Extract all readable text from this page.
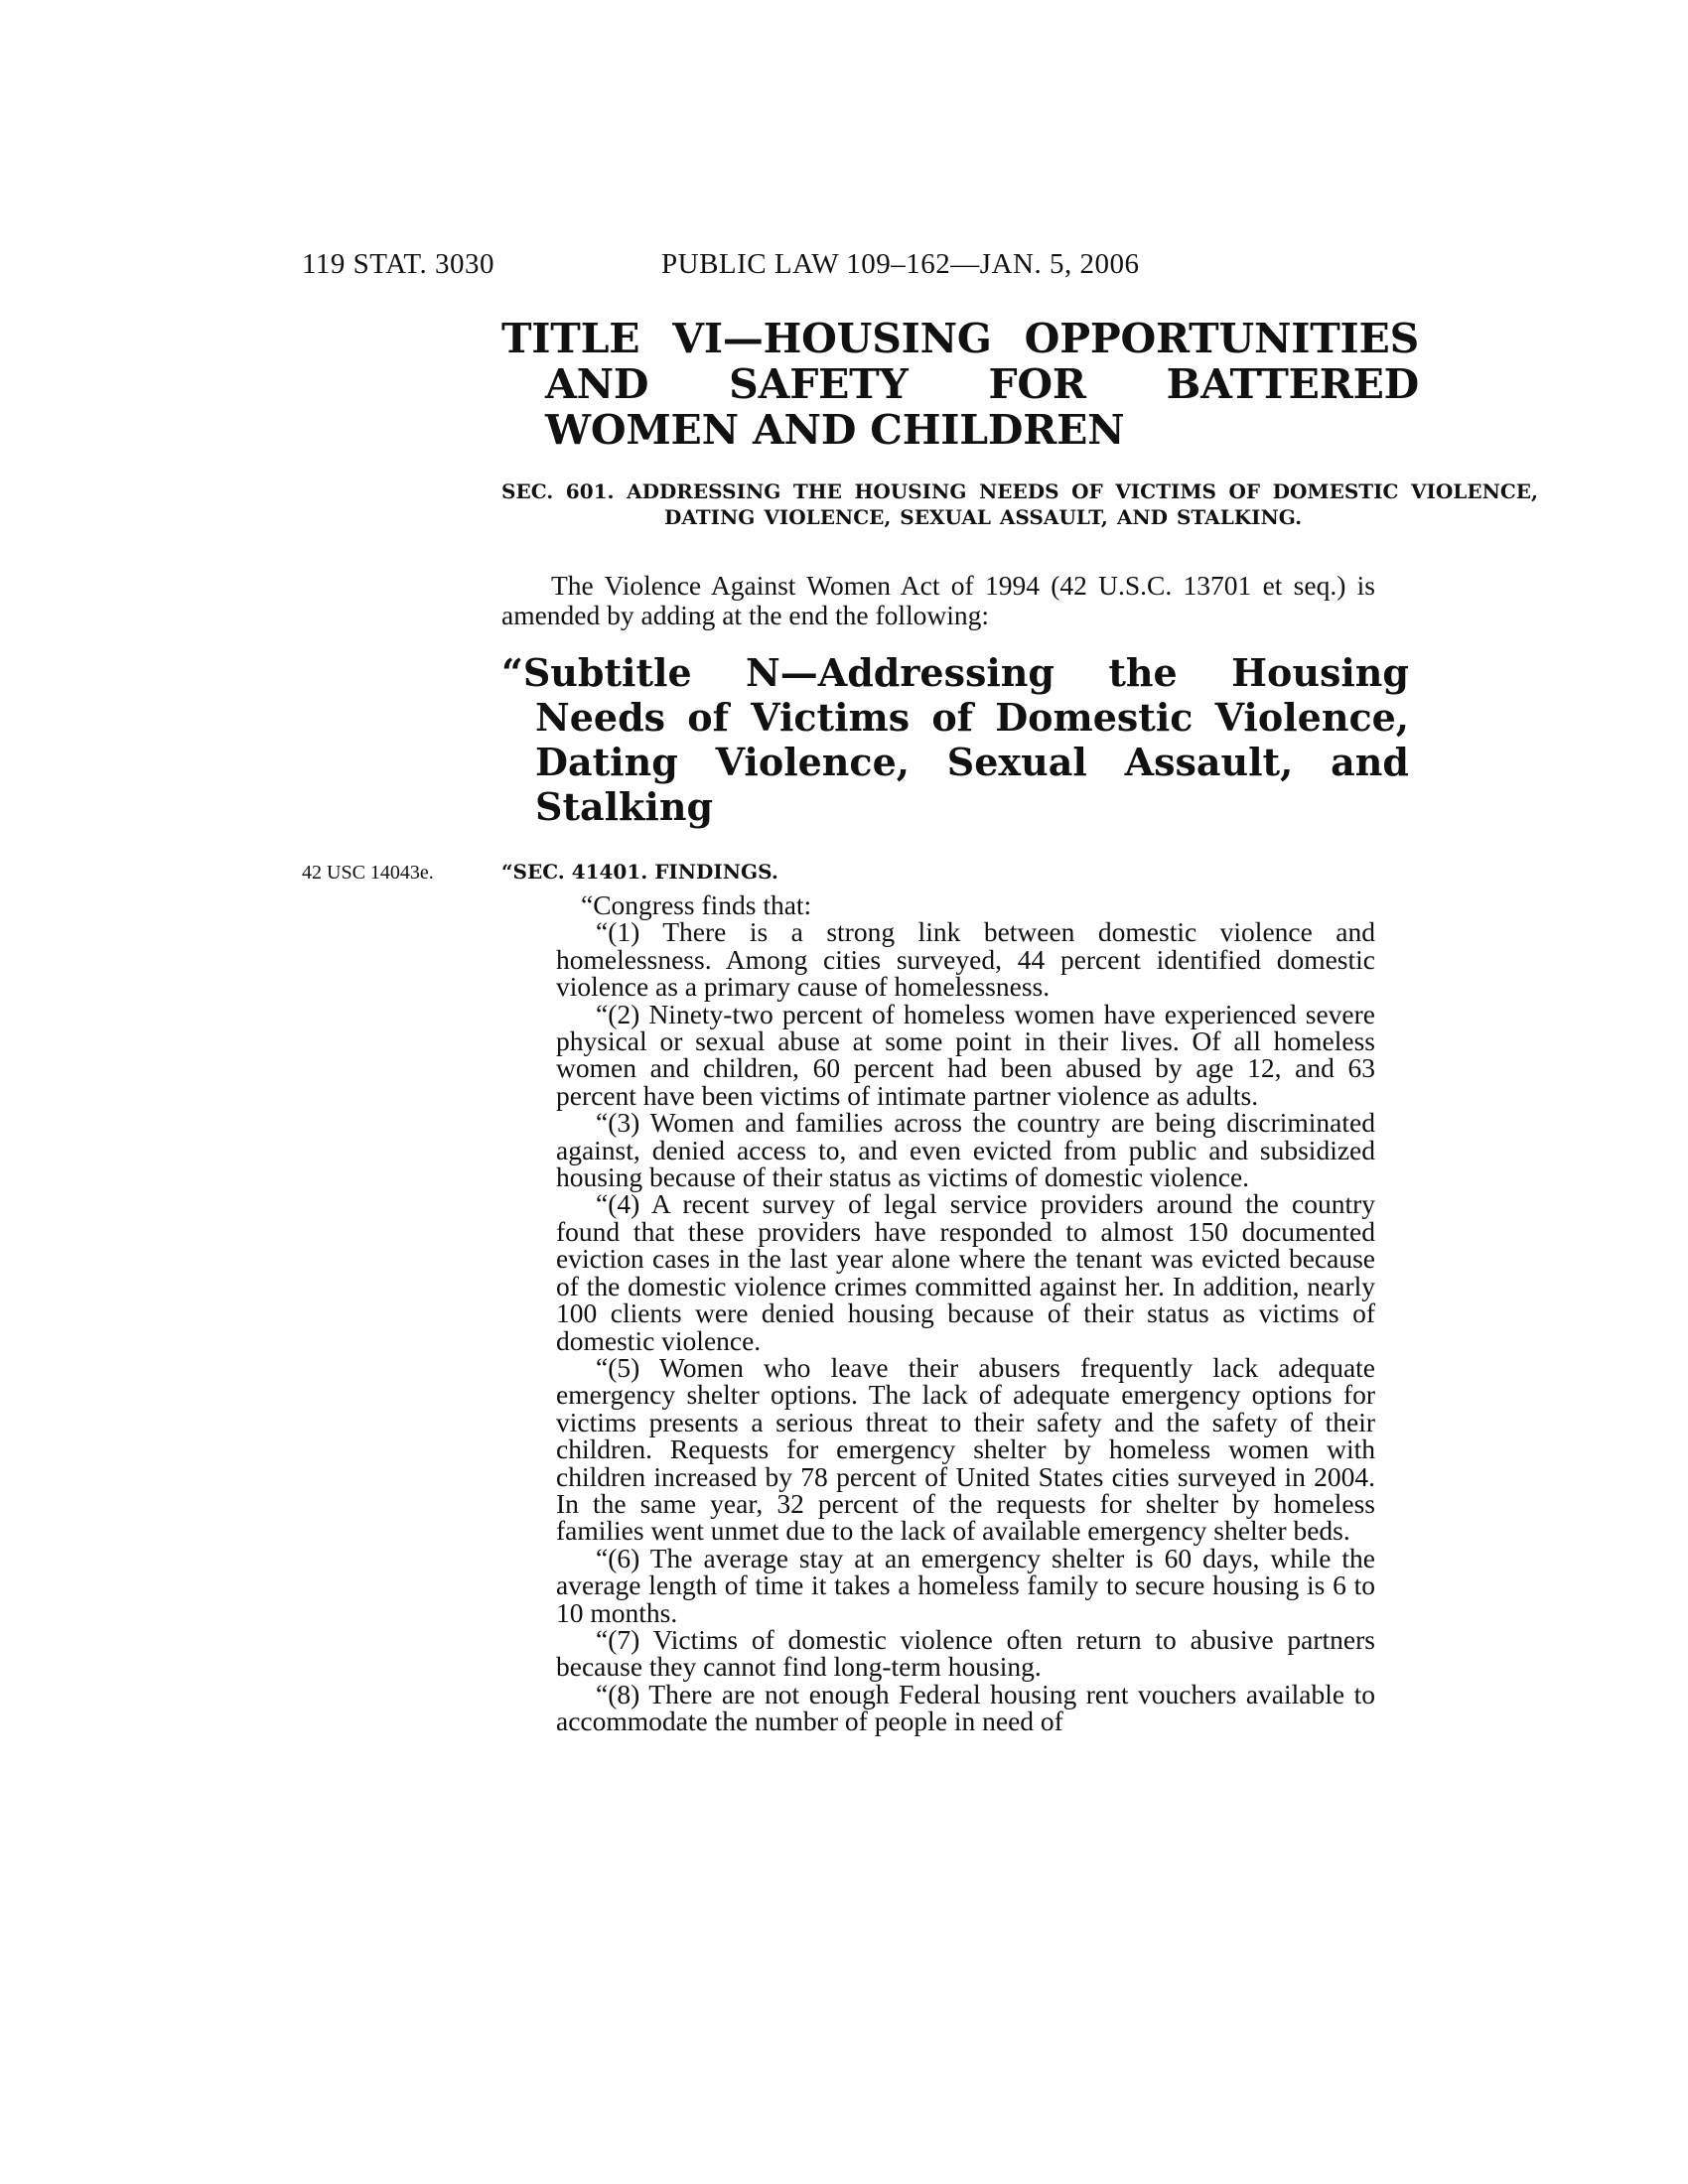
119 STAT. 3030	PUBLIC LAW 109–162—JAN. 5, 2006
TITLE VI—HOUSING OPPORTUNITIES AND SAFETY FOR BATTERED WOMEN AND CHILDREN
SEC. 601. ADDRESSING THE HOUSING NEEDS OF VICTIMS OF DOMESTIC VIOLENCE, DATING VIOLENCE, SEXUAL ASSAULT, AND STALKING.
The Violence Against Women Act of 1994 (42 U.S.C. 13701 et seq.) is amended by adding at the end the following:
“Subtitle N—Addressing the Housing Needs of Victims of Domestic Violence, Dating Violence, Sexual Assault, and Stalking
42 USC 14043e.	“SEC. 41401. FINDINGS.

“Congress finds that:

“(1) There is a strong link between domestic violence and homelessness. Among cities surveyed, 44 percent identified domestic violence as a primary cause of homelessness.

“(2) Ninety-two percent of homeless women have experienced severe physical or sexual abuse at some point in their lives. Of all homeless women and children, 60 percent had been abused by age 12, and 63 percent have been victims of intimate partner violence as adults.

“(3) Women and families across the country are being discriminated against, denied access to, and even evicted from public and subsidized housing because of their status as victims of domestic violence.

“(4) A recent survey of legal service providers around the country found that these providers have responded to almost 150 documented eviction cases in the last year alone where the tenant was evicted because of the domestic violence crimes committed against her. In addition, nearly 100 clients were denied housing because of their status as victims of domestic violence.

“(5) Women who leave their abusers frequently lack adequate emergency shelter options. The lack of adequate emergency options for victims presents a serious threat to their safety and the safety of their children. Requests for emergency shelter by homeless women with children increased by 78 percent of United States cities surveyed in 2004. In the same year, 32 percent of the requests for shelter by homeless families went unmet due to the lack of available emergency shelter beds.

“(6) The average stay at an emergency shelter is 60 days, while the average length of time it takes a homeless family to secure housing is 6 to 10 months.

“(7) Victims of domestic violence often return to abusive partners because they cannot find long-term housing.

“(8) There are not enough Federal housing rent vouchers available to accommodate the number of people in need of
